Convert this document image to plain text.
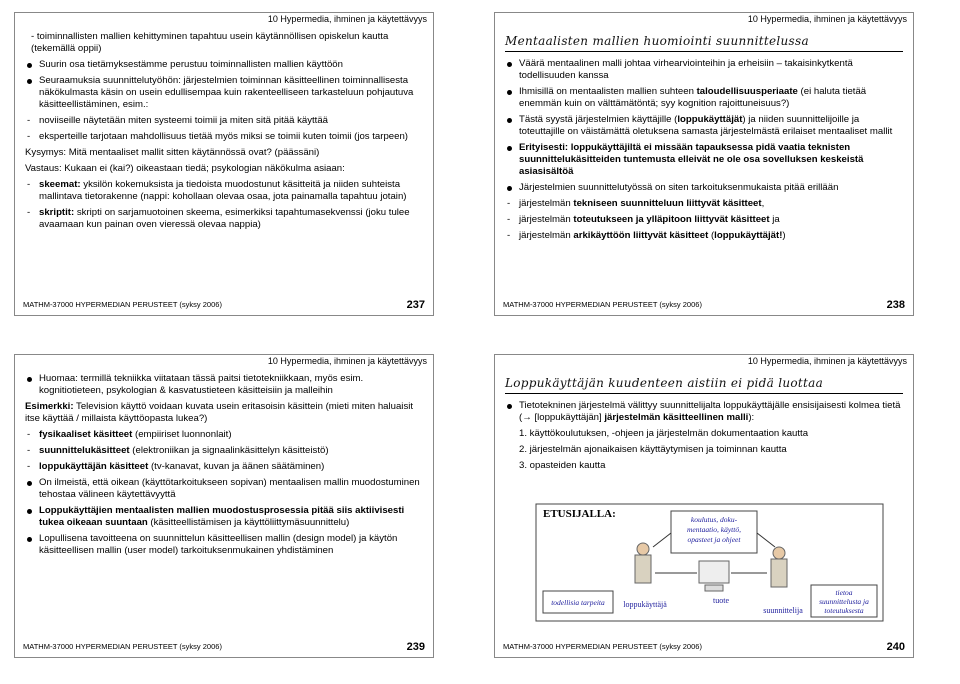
10 Hypermedia, ihminen ja käytettävyys
- toiminnallisten mallien kehittyminen tapahtuu usein käytännöllisen opiskelun kautta (tekemällä oppii)
Suurin osa tietämyksestämme perustuu toiminnallisten mallien käyttöön
Seuraamuksia suunnittelutyöhön: järjestelmien toiminnan käsitteellinen toiminnallisesta näkökulmasta käsin on usein edullisempaa kuin rakenteelliseen tarkasteluun pohjautuva käsitteellistäminen, esim.:
- noviiseille näytetään miten systeemi toimii ja miten sitä pitää käyttää
- eksperteille tarjotaan mahdollisuus tietää myös miksi se toimii kuten toimii (jos tarpeen)
Kysymys: Mitä mentaaliset mallit sitten käytännössä ovat? (päässäni)
Vastaus: Kukaan ei (kai?) oikeastaan tiedä; psykologian näkökulma asiaan:
- skeemat: yksilön kokemuksista ja tiedoista muodostunut käsitteitä ja niiden suhteista mallintava tietorakenne (nappi: kohollaan olevaa osaa, jota painamalla tapahtuu jotain)
- skriptit: skripti on sarjamuotoinen skeema, esimerkiksi tapahtumasekvenssi (joku tulee avaamaan kun painan oven vieressä olevaa nappia)
MATHM-37000 HYPERMEDIAN PERUSTEET (syksy 2006)	237
10 Hypermedia, ihminen ja käytettävyys
Mentaalisten mallien huomiointi suunnittelussa
Väärä mentaalinen malli johtaa virhearviointeihin ja erheisiin – takaisinkytkentä todellisuuden kanssa
Ihmisillä on mentaalisten mallien suhteen taloudellisuusperiaate (ei haluta tietää enemmän kuin on välttämätöntä; syy kognition rajoittuneisuus?)
Tästä syystä järjestelmien käyttäjille (loppukäyttäjät) ja niiden suunnittelijoille ja toteuttajille on väistämättä oletuksena samasta järjestelmästä erilaiset mentaaliset mallit
Erityisesti: loppukäyttäjiltä ei missään tapauksessa pidä vaatia teknisten suunnittelukäsitteiden tuntemusta elleivät ne ole osa sovelluksen keskeistä asiasisältöä
Järjestelmien suunnittelutyössä on siten tarkoituksenmukaista pitää erillään
- järjestelmän tekniseen suunnitteluun liittyvät käsitteet,
- järjestelmän toteutukseen ja ylläpitoon liittyvät käsitteet ja
- järjestelmän arkikäyttöön liittyvät käsitteet (loppukäyttäjät!)
MATHM-37000 HYPERMEDIAN PERUSTEET (syksy 2006)	238
10 Hypermedia, ihminen ja käytettävyys
Huomaa: termillä tekniikka viitataan tässä paitsi tietotekniikkaan, myös esim. kognitiotieteen, psykologian & kasvatustieteen käsitteisiin ja malleihin
Esimerkki: Television käyttö voidaan kuvata usein eritasoisin käsittein (mieti miten haluaisit itse käyttää / millaista käyttöopasta lukea?)
- fysikaaliset käsitteet (empiiriset luonnonlait)
- suunnittelukäsitteet (elektroniikan ja signaalinkäsittelyn käsitteistö)
- loppukäyttäjän käsitteet (tv-kanavat, kuvan ja äänen säätäminen)
On ilmeistä, että oikean (käyttötarkoitukseen sopivan) mentaalisen mallin muodostuminen tehostaa välineen käytettävyyttä
Loppukäyttäjien mentaalisten mallien muodostusprosessia pitää siis aktiivisesti tukea oikeaan suuntaan (käsitteellistämisen ja käyttöliittymäsuunnittelu)
Lopullisena tavoitteena on suunnittelun käsitteellisen mallin (design model) ja käytön käsitteellisen mallin (user model) tarkoituksenmukainen yhdistäminen
MATHM-37000 HYPERMEDIAN PERUSTEET (syksy 2006)	239
10 Hypermedia, ihminen ja käytettävyys
Loppukäyttäjän kuudenteen aistiin ei pidä luottaa
Tietotekninen järjestelmä välittyy suunnittelijalta loppukäyttäjälle ensisijaisesti kolmea tietä (→ [loppukäyttäjän] järjestelmän käsitteellinen malli):
1. käyttökoulutuksen, -ohjeen ja järjestelmän dokumentaation kautta
2. järjestelmän ajonaikaisen käyttäytymisen ja toiminnan kautta
3. opasteiden kautta
ETUSIJALLA:	koulutus, doku-mentaatio, käyttö, opasteet ja ohjeet
tietoa suunnittelusta ja toteutuksesta
todellisia tarpeita loppukäyttäjä	tuote
suunnittelija
MATHM-37000 HYPERMEDIAN PERUSTEET (syksy 2006)	240
